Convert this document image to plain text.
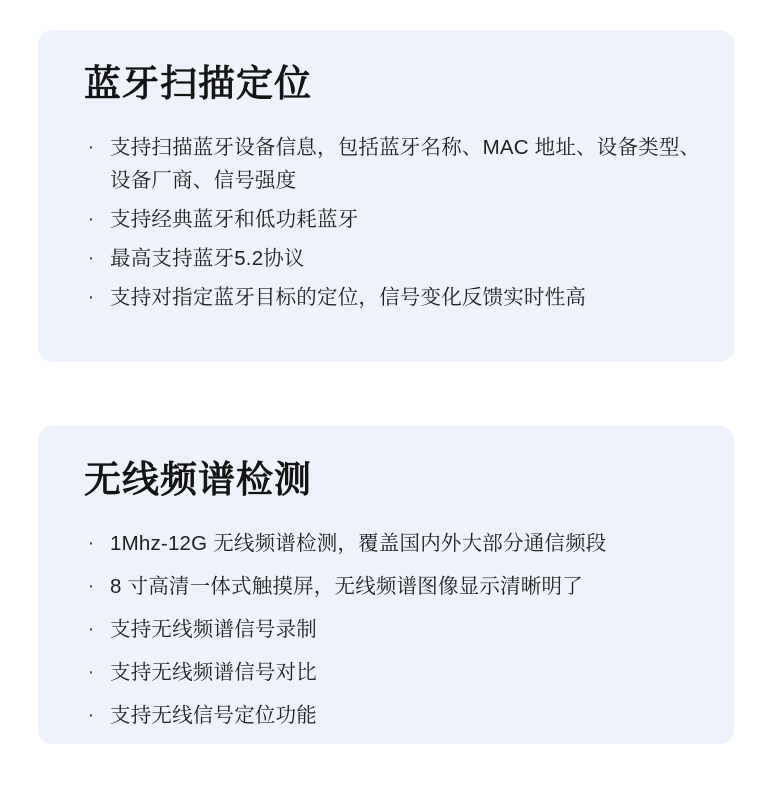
蓝牙扫描定位
· 支持扫描蓝牙设备信息，包括蓝牙名称、MAC 地址、设备类型、设备厂商、信号强度
· 支持经典蓝牙和低功耗蓝牙
· 最高支持蓝牙5.2协议
· 支持对指定蓝牙目标的定位，信号变化反馈实时性高
无线频谱检测
· 1Mhz-12G 无线频谱检测，覆盖国内外大部分通信频段
· 8 寸高清一体式触摸屏，无线频谱图像显示清晰明了
· 支持无线频谱信号录制
· 支持无线频谱信号对比
· 支持无线信号定位功能
